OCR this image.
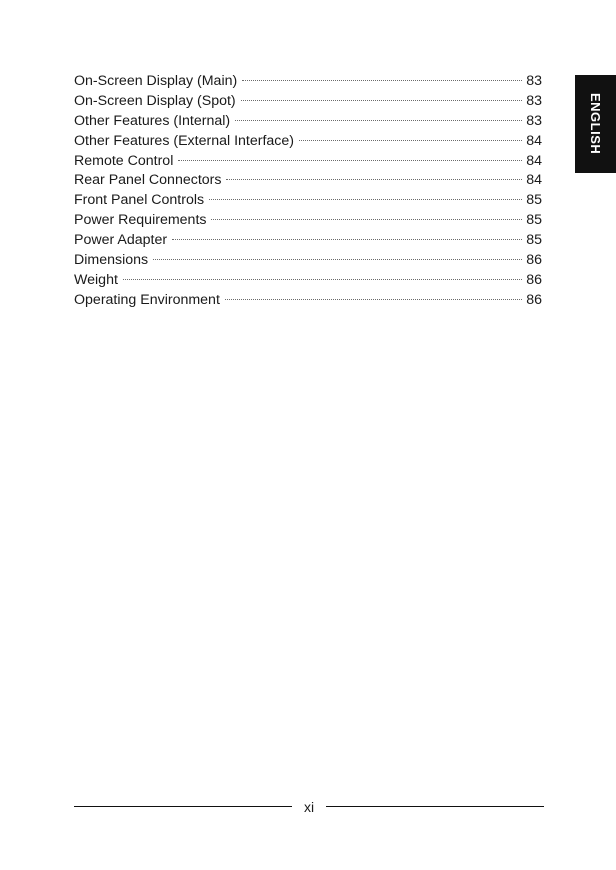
On-Screen Display (Main)	83
On-Screen Display (Spot)	83
Other Features (Internal)	83
Other Features (External Interface)	84
Remote Control	84
Rear Panel Connectors	84
Front Panel Controls	85
Power Requirements	85
Power Adapter	85
Dimensions	86
Weight	86
Operating Environment	86
ENGLISH
xi
